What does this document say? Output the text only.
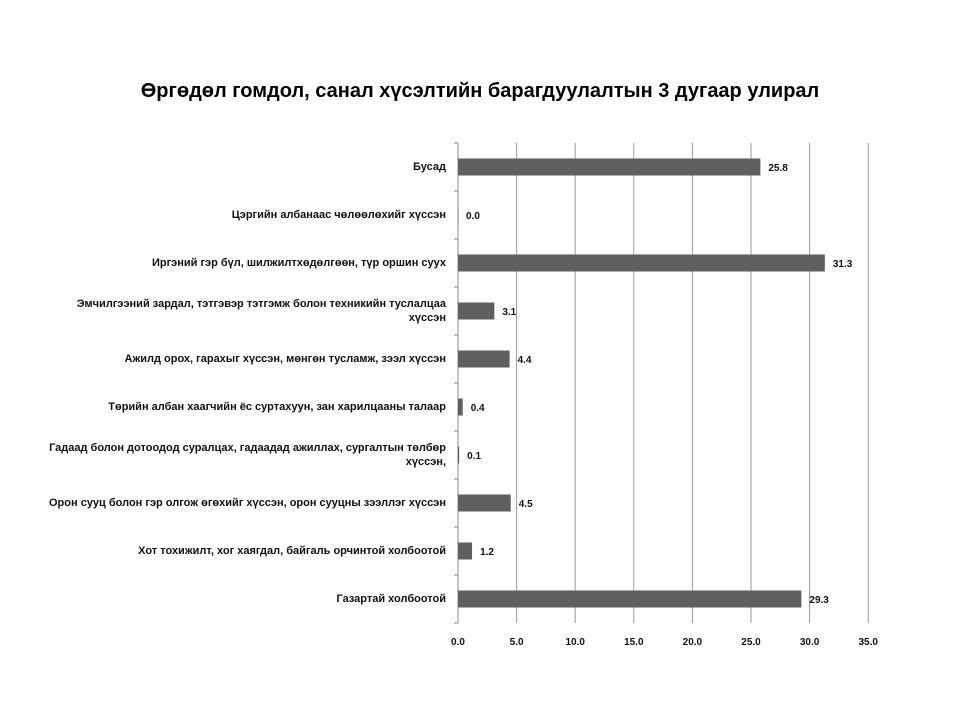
Өргөдөл гомдол, санал хүсэлтийн барагдуулалтын 3 дугаар улирал
Бусад
Цэргийн албанаас чөлөөлөхийг хүссэн
Иргэний гэр бүл, шилжилтхөдөлгөөн, түр оршин суух
Эмчилгээний зардал, тэтгэвэр тэтгэмж болон техникийн туслалцаа хүссэн
Ажилд орох, гарахыг хүссэн, мөнгөн тусламж, зээл хүссэн
Төрийн албан хаагчийн ёс суртахуун, зан харилцааны талаар
Гадаад болон дотоодод суралцах, гадаадад ажиллах, сургалтын төлбөр хүссэн,
Орон сууц болон гэр олгож өгөхийг хүссэн, орон сууцны зээллэг хүссэн
Хот тохижилт, хог хаягдал, байгаль орчинтой холбоотой
Газартай холбоотой
0.0	5.0	10.0	15.0	20.0	25.0	30.0	35.0
25.8
0.0
31.3
3.1
4.4
0.4
0.1
4.5
1.2
29.3
